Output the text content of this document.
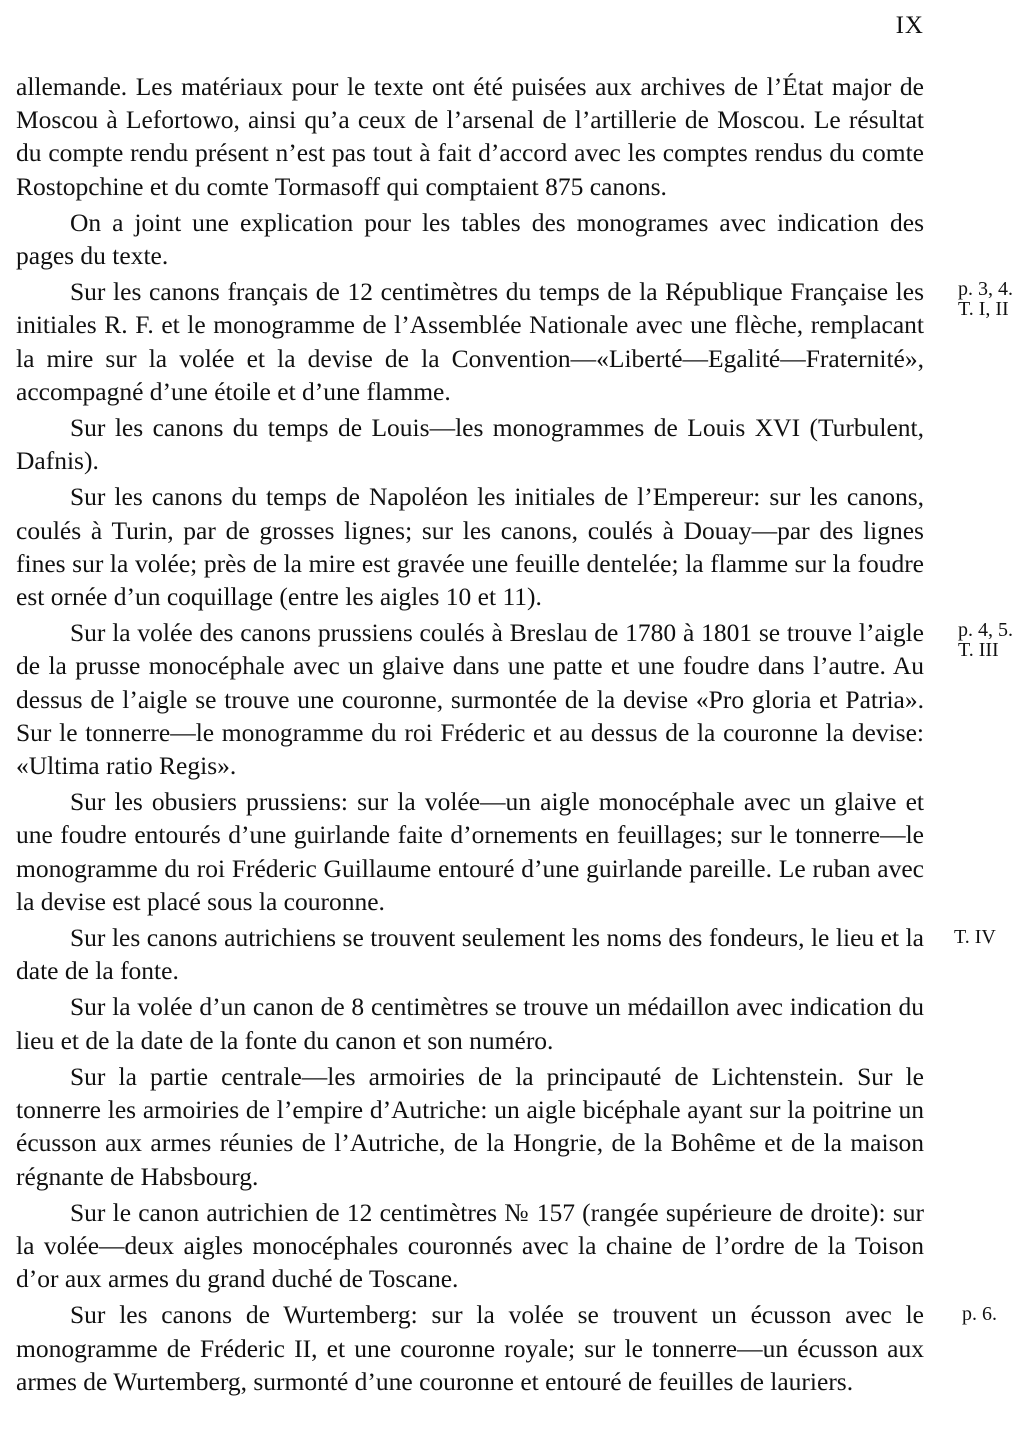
IX

allemande. Les matériaux pour le texte ont été puisées aux archives de l’État major de Moscou à Lefortowo, ainsi qu’a ceux de l’arsenal de l’artillerie de Moscou. Le résultat du compte rendu présent n’est pas tout à fait d’accord avec les comptes rendus du comte Rostopchine et du comte Tormasoff qui comptaient 875 canons.

On a joint une explication pour les tables des monogrames avec indication des pages du texte.

p. 3, 4.
T. I, II
Sur les canons français de 12 centimètres du temps de la République Française les initiales R. F. et le monogramme de l’Assemblée Nationale avec une flèche, remplacant la mire sur la volée et la devise de la Convention—«Liberté—Egalité—Fraternité», accompagné d’une étoile et d’une flamme.

Sur les canons du temps de Louis—les monogrammes de Louis XVI (Turbulent, Dafnis).

Sur les canons du temps de Napoléon les initiales de l’Empereur: sur les canons, coulés à Turin, par de grosses lignes; sur les canons, coulés à Douay—par des lignes fines sur la volée; près de la mire est gravée une feuille dentelée; la flamme sur la foudre est ornée d’un coquillage (entre les aigles 10 et 11).

p. 4, 5.
T. III
Sur la volée des canons prussiens coulés à Breslau de 1780 à 1801 se trouve l’aigle de la prusse monocéphale avec un glaive dans une patte et une foudre dans l’autre. Au dessus de l’aigle se trouve une couronne, surmontée de la devise «Pro gloria et Patria». Sur le tonnerre—le monogramme du roi Fréderic et au dessus de la couronne la devise: «Ultima ratio Regis».

Sur les obusiers prussiens: sur la volée—un aigle monocéphale avec un glaive et une foudre entourés d’une guirlande faite d’ornements en feuillages; sur le tonnerre—le monogramme du roi Fréderic Guillaume entouré d’une guirlande pareille. Le ruban avec la devise est placé sous la couronne.

T. IV
Sur les canons autrichiens se trouvent seulement les noms des fondeurs, le lieu et la date de la fonte.

Sur la volée d’un canon de 8 centimètres se trouve un médaillon avec indication du lieu et de la date de la fonte du canon et son numéro.

Sur la partie centrale—les armoiries de la principauté de Lichtenstein. Sur le tonnerre les armoiries de l’empire d’Autriche: un aigle bicéphale ayant sur la poitrine un écusson aux armes réunies de l’Autriche, de la Hongrie, de la Bohême et de la maison régnante de Habsbourg.

Sur le canon autrichien de 12 centimètres № 157 (rangée supérieure de droite): sur la volée—deux aigles monocéphales couronnés avec la chaine de l’ordre de la Toison d’or aux armes du grand duché de Toscane.

p. 6.
Sur les canons de Wurtemberg: sur la volée se trouvent un écusson avec le monogramme de Fréderic II, et une couronne royale; sur le tonnerre—un écusson aux armes de Wurtemberg, surmonté d’une couronne et entouré de feuilles de lauriers.
